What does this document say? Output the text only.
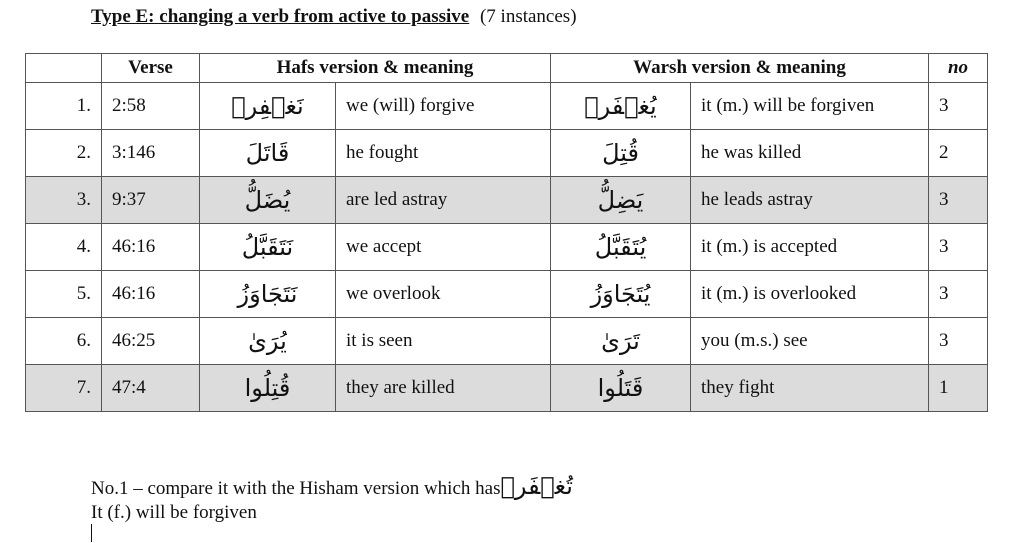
Type E: changing a verb from active to passive (7 instances)
	Verse	Hafs version & meaning		Warsh version & meaning		no
1.	2:58	نَغۡفِرۡ	we (will) forgive	يُغۡفَرۡ	it (m.) will be forgiven	3
2.	3:146	قَاتَلَ	he fought	قُتِلَ	he was killed	2
3.	9:37	يُضَلُّ	are led astray	يَضِلُّ	he leads astray	3
4.	46:16	نَتَقَبَّلُ	we accept	يُتَقَبَّلُ	it (m.) is accepted	3
5.	46:16	نَتَجَاوَزُ	we overlook	يُتَجَاوَزُ	it (m.) is overlooked	3
6.	46:25	يُرَىٰ	it is seen	تَرَىٰ	you (m.s.) see	3
7.	47:4	قُتِلُوا	they are killed	قَتَلُوا	they fight	1
No.1 – compare it with the Hisham version which hasتُغۡفَرۡ
It (f.) will be forgiven
